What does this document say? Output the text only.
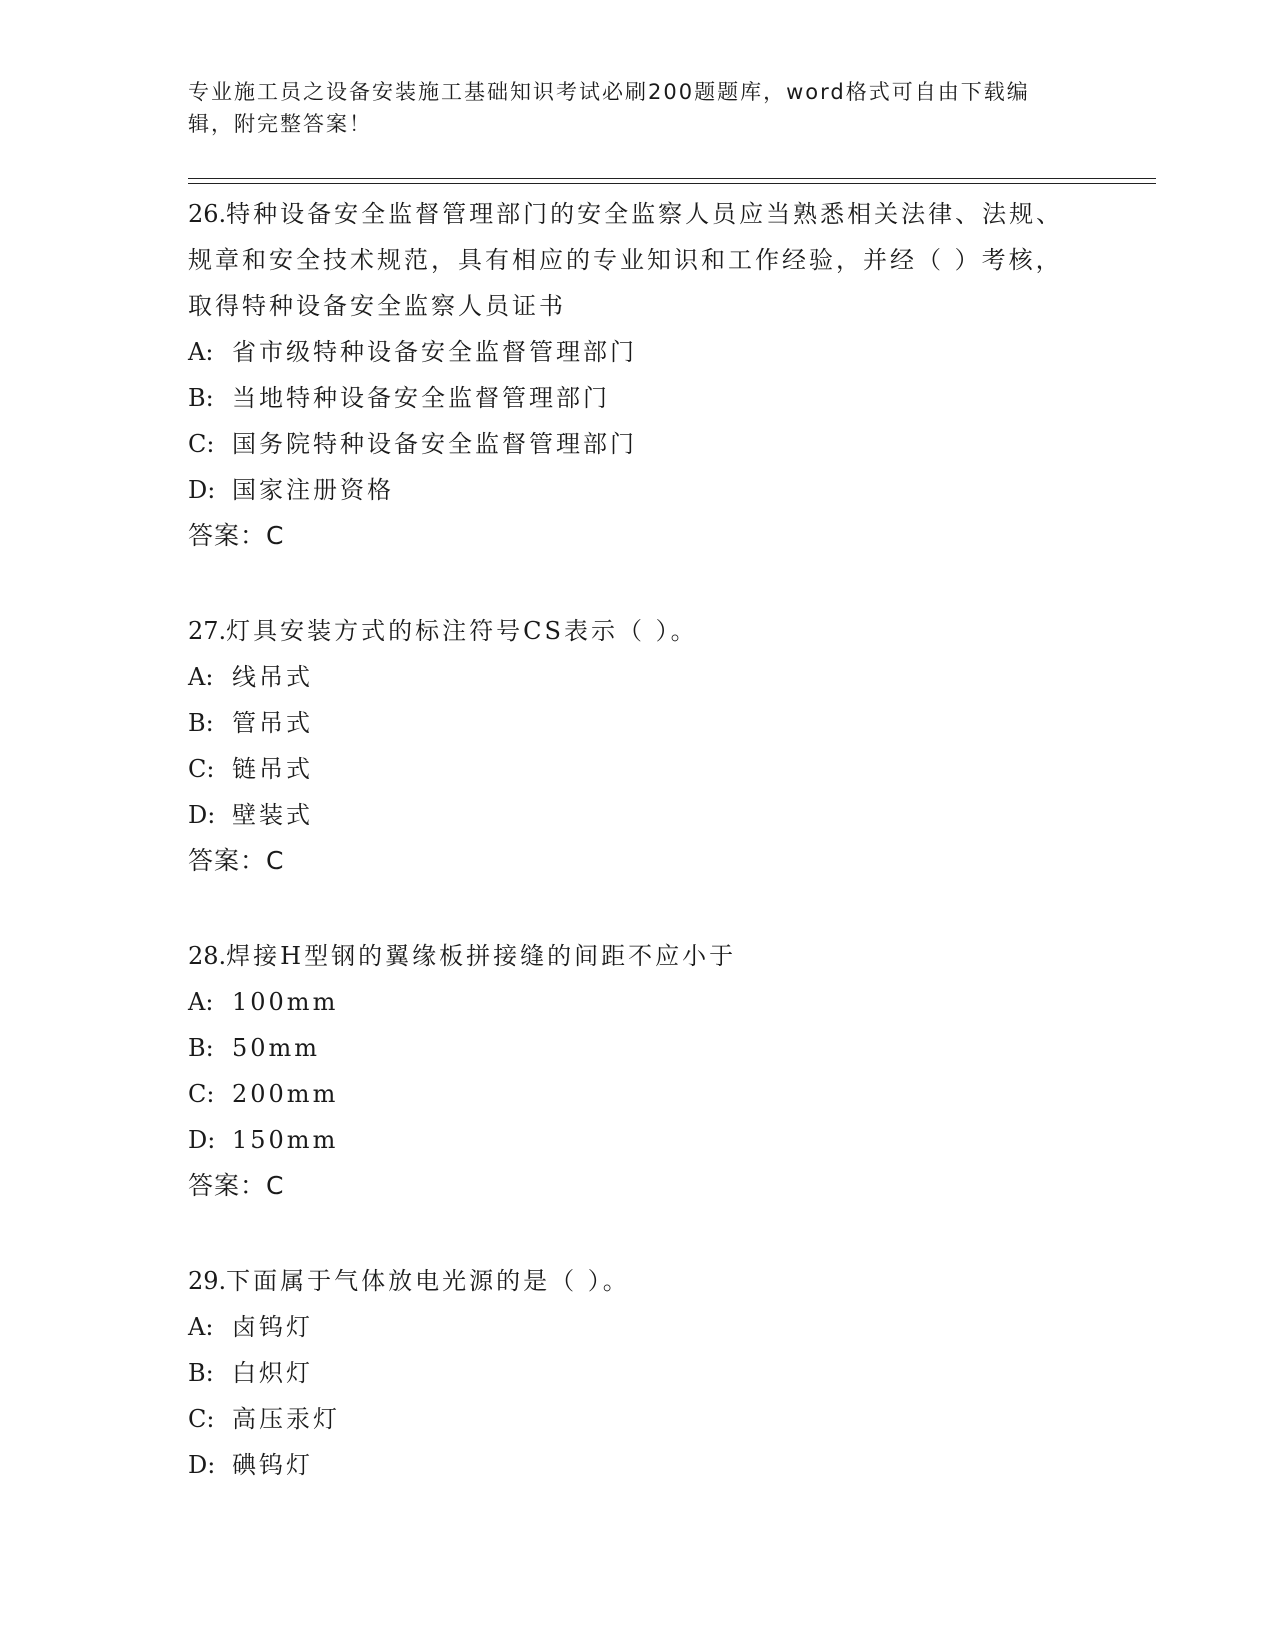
专业施工员之设备安装施工基础知识考试必刷200题题库，word格式可自由下载编辑，附完整答案！
26.特种设备安全监督管理部门的安全监察人员应当熟悉相关法律、法规、规章和安全技术规范，具有相应的专业知识和工作经验，并经（ ）考核，取得特种设备安全监察人员证书
A: 省市级特种设备安全监督管理部门
B: 当地特种设备安全监督管理部门
C: 国务院特种设备安全监督管理部门
D: 国家注册资格
答案：C
27.灯具安装方式的标注符号CS表示（ ）。
A: 线吊式
B: 管吊式
C: 链吊式
D: 壁装式
答案：C
28.焊接H型钢的翼缘板拼接缝的间距不应小于
A: 100mm
B: 50mm
C: 200mm
D: 150mm
答案：C
29.下面属于气体放电光源的是（ ）。
A: 卤钨灯
B: 白炽灯
C: 高压汞灯
D: 碘钨灯
